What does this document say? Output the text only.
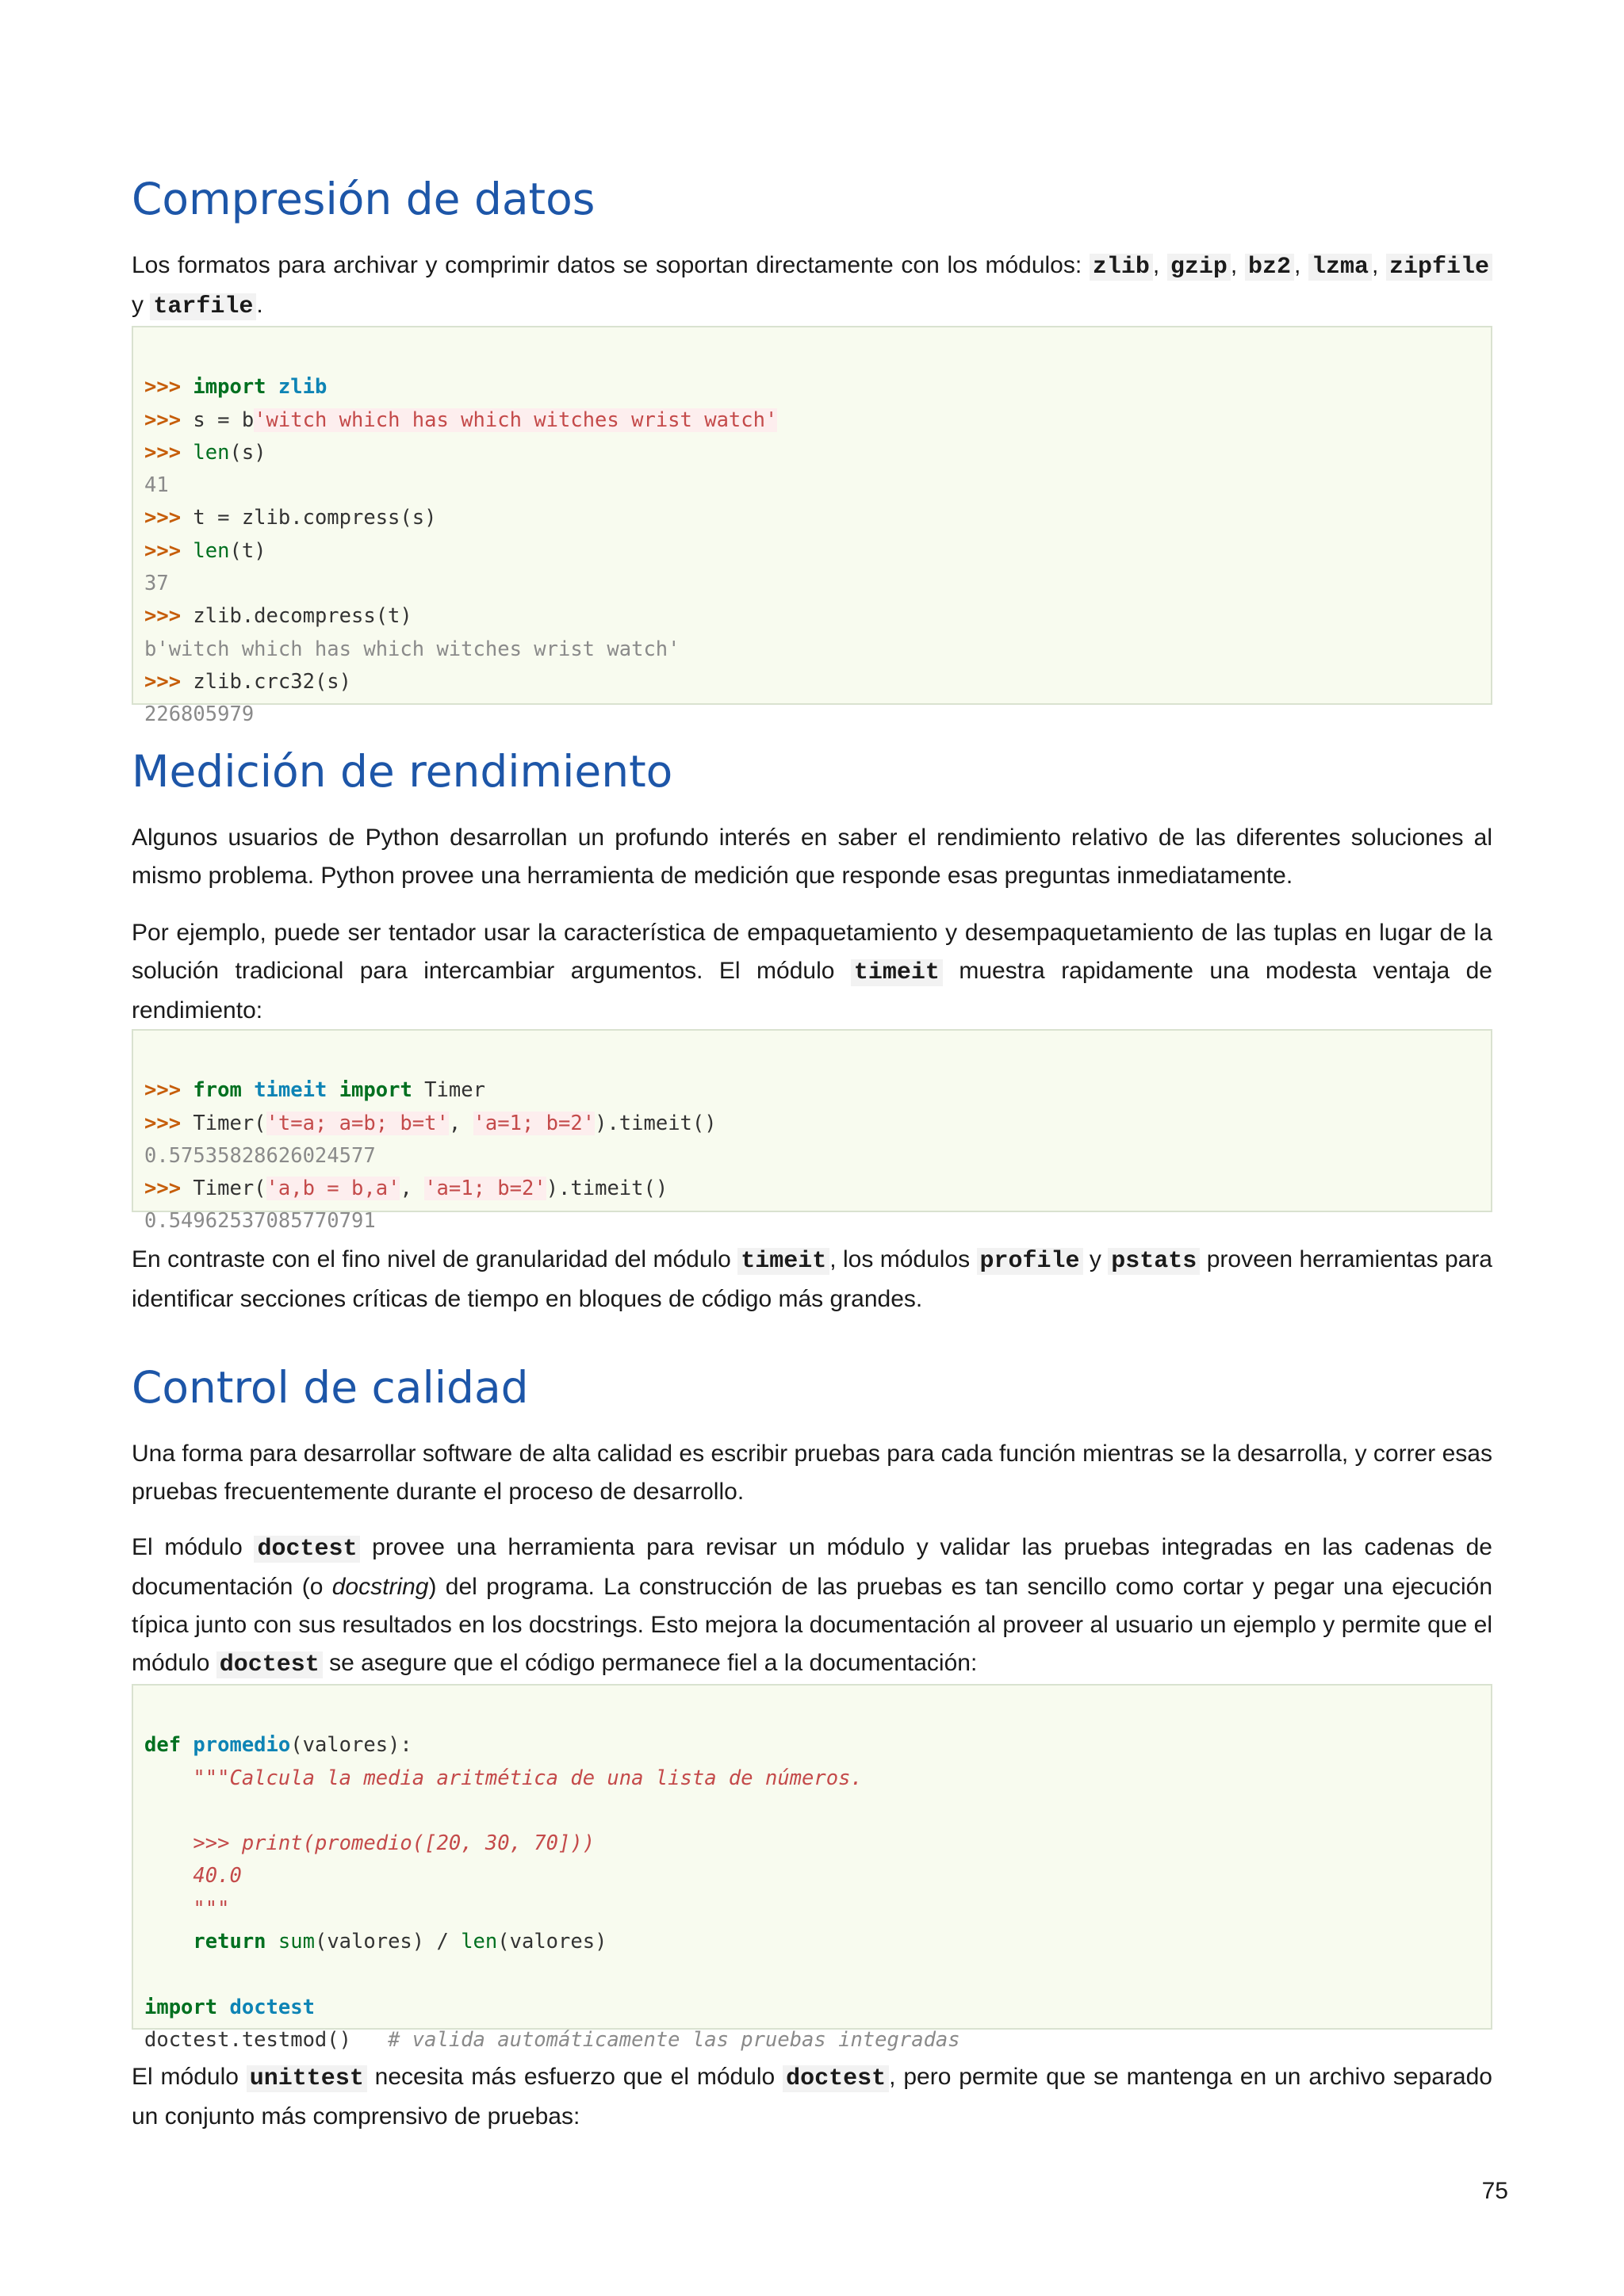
Compresión de datos

Los formatos para archivar y comprimir datos se soportan directamente con los módulos: zlib , gzip , bz2 , lzma , zipfile y tarfile .

>>> import zlib
>>> s = b'witch which has which witches wrist watch'
>>> len(s)
41
>>> t = zlib.compress(s)
>>> len(t)
37
>>> zlib.decompress(t)
b'witch which has which witches wrist watch'
>>> zlib.crc32(s)
226805979
Medición de rendimiento

Algunos usuarios de Python desarrollan un profundo interés en saber el rendimiento relativo de las diferentes soluciones al mismo problema. Python provee una herramienta de medición que responde esas preguntas inmediatamente.

Por ejemplo, puede ser tentador usar la característica de empaquetamiento y desempaquetamiento de las tuplas en lugar de la solución tradicional para intercambiar argumentos. El módulo timeit muestra rapidamente una modesta ventaja de rendimiento:

>>> from timeit import Timer
>>> Timer('t=a; a=b; b=t', 'a=1; b=2').timeit()
0.57535828626024577
>>> Timer('a,b = b,a', 'a=1; b=2').timeit()
0.54962537085770791

En contraste con el fino nivel de granularidad del módulo timeit , los módulos profile y pstats proveen herramientas para identificar secciones críticas de tiempo en bloques de código más grandes.

Control de calidad

Una forma para desarrollar software de alta calidad es escribir pruebas para cada función mientras se la desarrolla, y correr esas pruebas frecuentemente durante el proceso de desarrollo.

El módulo doctest provee una herramienta para revisar un módulo y validar las pruebas integradas en las cadenas de documentación (o docstring) del programa. La construcción de las pruebas es tan sencillo como cortar y pegar una ejecución típica junto con sus resultados en los docstrings. Esto mejora la documentación al proveer al usuario un ejemplo y permite que el módulo doctest se asegure que el código permanece fiel a la documentación:

def promedio(valores):
"""Calcula la media aritmética de una lista de números.
>>> print(promedio([20, 30, 70]))
40.0
"""
return sum(valores) / len(valores)
import doctest
doctest.testmod() # valida automáticamente las pruebas integradas

El módulo unittest necesita más esfuerzo que el módulo doctest , pero permite que se mantenga en un archivo separado un conjunto más comprensivo de pruebas:

75
